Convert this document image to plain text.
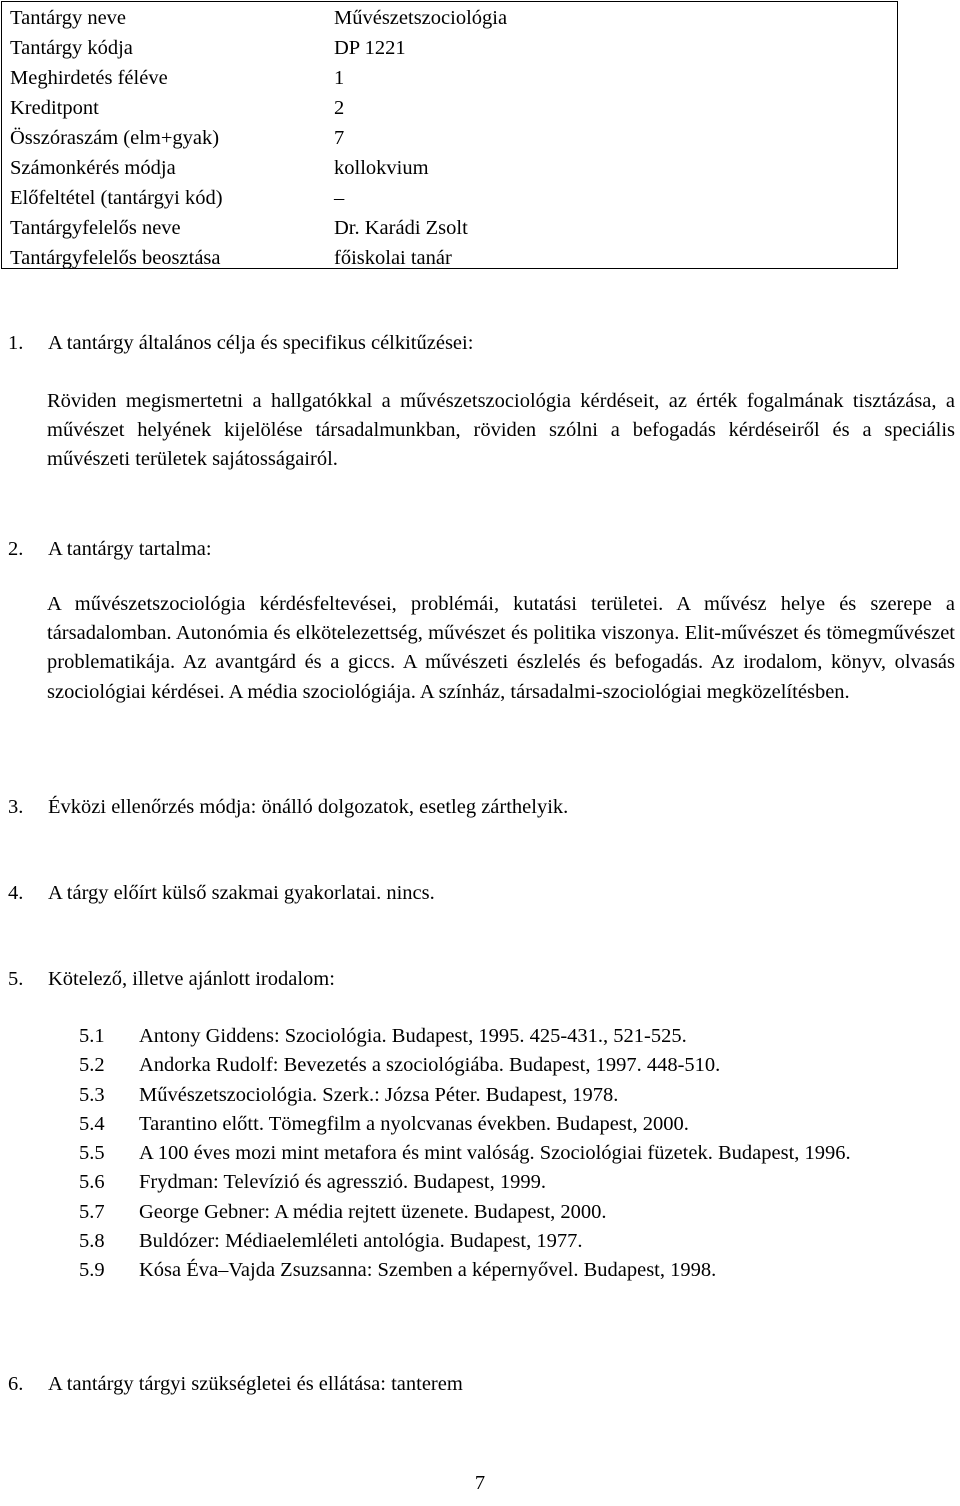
Tantárgy neve	Művészetszociológia
Tantárgy kódja	DP 1221
Meghirdetés féléve	1
Kreditpont	2
Összóraszám (elm+gyak)	7
Számonkérés módja	kollokvium
Előfeltétel (tantárgyi kód)	–
Tantárgyfelelős neve	Dr. Karádi Zsolt
Tantárgyfelelős beosztása	főiskolai tanár
1. A tantárgy általános célja és specifikus célkitűzései:
Röviden megismertetni a hallgatókkal a művészetszociológia kérdéseit, az érték fogalmának tisztázása, a művészet helyének kijelölése társadalmunkban, röviden szólni a befogadás kérdéseiről és a speciális művészeti területek sajátosságairól.
2. A tantárgy tartalma:
A művészetszociológia kérdésfeltevései, problémái, kutatási területei. A művész helye és szerepe a társadalomban. Autonómia és elkötelezettség, művészet és politika viszonya. Elit-művészet és tömegművészet problematikája. Az avantgárd és a giccs. A művészeti észlelés és befogadás. Az irodalom, könyv, olvasás szociológiai kérdései. A média szociológiája. A színház, társadalmi-szociológiai megközelítésben.
3. Évközi ellenőrzés módja: önálló dolgozatok, esetleg zárthelyik.
4. A tárgy előírt külső szakmai gyakorlatai. nincs.
5. Kötelező, illetve ajánlott irodalom:
5.1	Antony Giddens: Szociológia. Budapest, 1995. 425-431., 521-525.
5.2	Andorka Rudolf: Bevezetés a szociológiába. Budapest, 1997. 448-510.
5.3	Művészetszociológia. Szerk.: Józsa Péter. Budapest, 1978.
5.4	Tarantino előtt. Tömegfilm a nyolcvanas években. Budapest, 2000.
5.5	A 100 éves mozi mint metafora és mint valóság. Szociológiai füzetek. Budapest, 1996.
5.6	Frydman: Televízió és agresszió. Budapest, 1999.
5.7	George Gebner: A média rejtett üzenete. Budapest, 2000.
5.8	Buldózer: Médiaelemléleti antológia. Budapest, 1977.
5.9	Kósa Éva–Vajda Zsuzsanna: Szemben a képernyővel. Budapest, 1998.
6. A tantárgy tárgyi szükségletei és ellátása: tanterem
7
